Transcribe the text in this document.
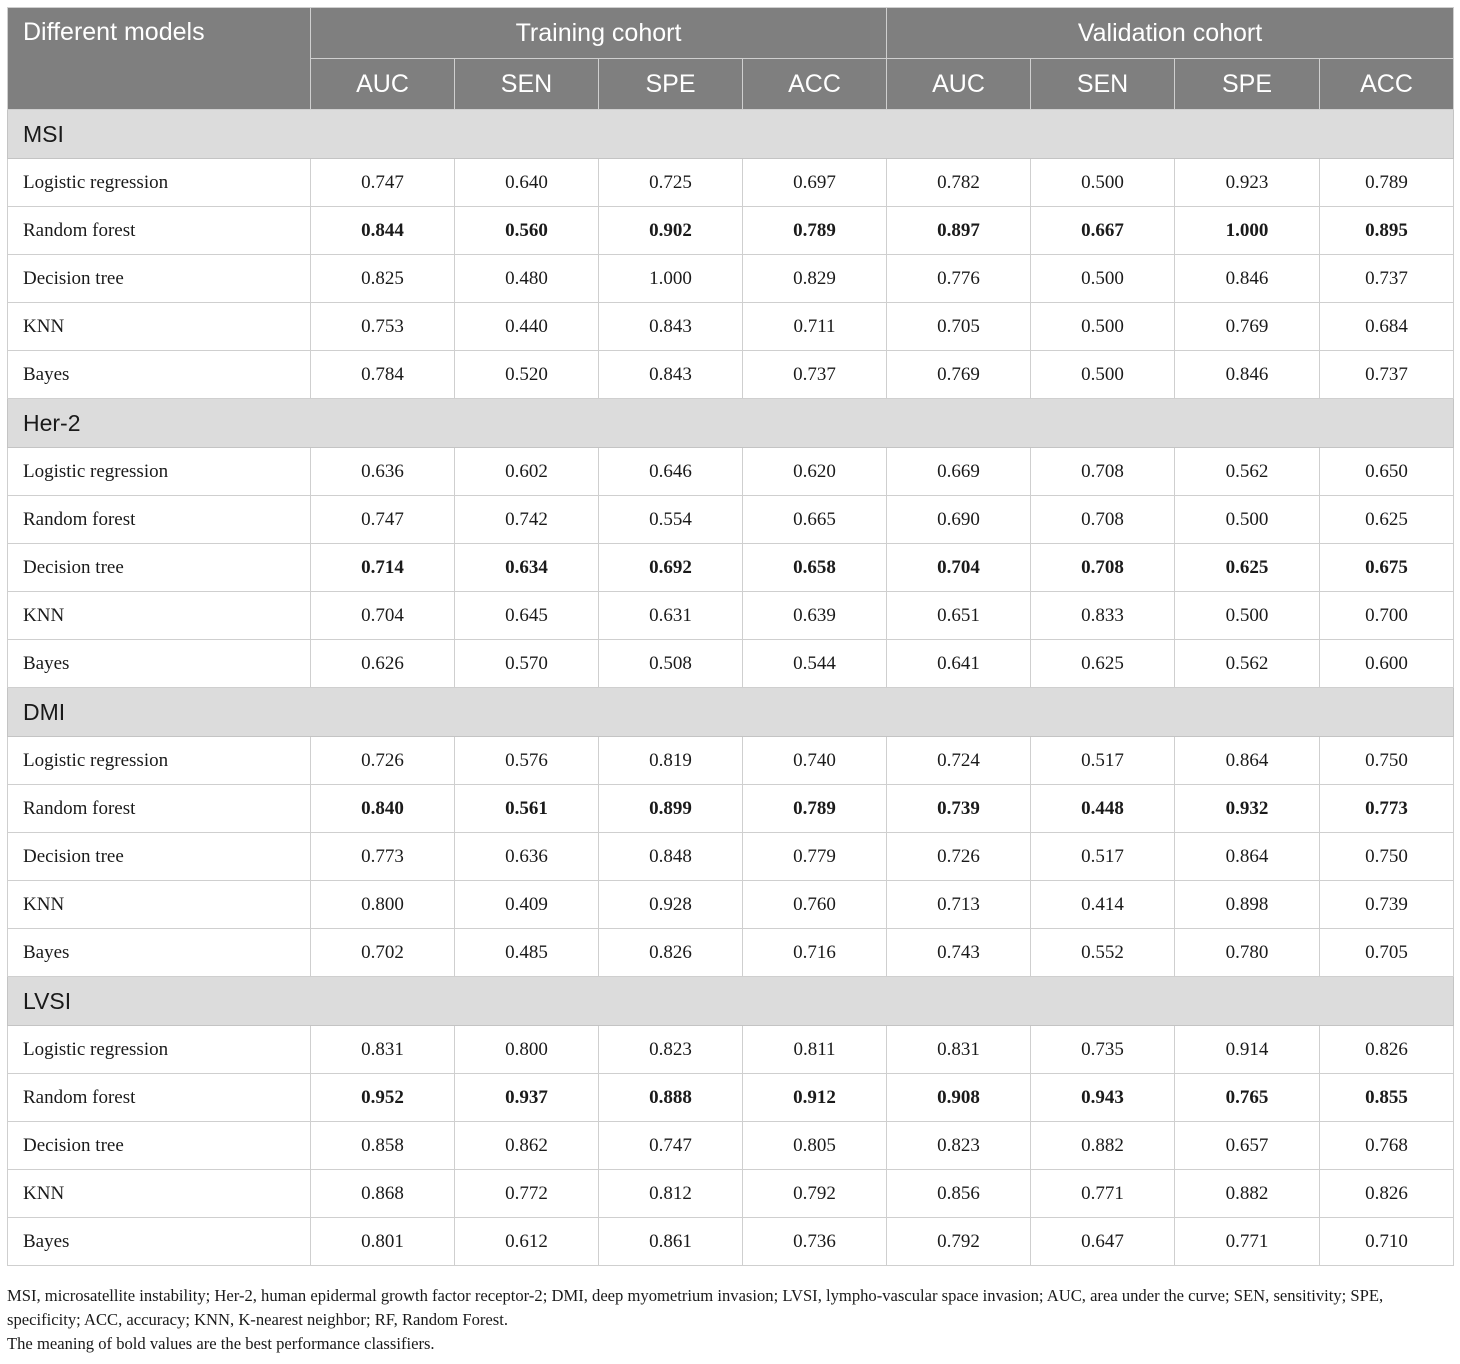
Different models	Training cohort				Validation cohort			
	AUC	SEN	SPE	ACC	AUC	SEN	SPE	ACC
MSI								
Logistic regression	0.747	0.640	0.725	0.697	0.782	0.500	0.923	0.789
Random forest	0.844	0.560	0.902	0.789	0.897	0.667	1.000	0.895
Decision tree	0.825	0.480	1.000	0.829	0.776	0.500	0.846	0.737
KNN	0.753	0.440	0.843	0.711	0.705	0.500	0.769	0.684
Bayes	0.784	0.520	0.843	0.737	0.769	0.500	0.846	0.737
Her-2								
Logistic regression	0.636	0.602	0.646	0.620	0.669	0.708	0.562	0.650
Random forest	0.747	0.742	0.554	0.665	0.690	0.708	0.500	0.625
Decision tree	0.714	0.634	0.692	0.658	0.704	0.708	0.625	0.675
KNN	0.704	0.645	0.631	0.639	0.651	0.833	0.500	0.700
Bayes	0.626	0.570	0.508	0.544	0.641	0.625	0.562	0.600
DMI								
Logistic regression	0.726	0.576	0.819	0.740	0.724	0.517	0.864	0.750
Random forest	0.840	0.561	0.899	0.789	0.739	0.448	0.932	0.773
Decision tree	0.773	0.636	0.848	0.779	0.726	0.517	0.864	0.750
KNN	0.800	0.409	0.928	0.760	0.713	0.414	0.898	0.739
Bayes	0.702	0.485	0.826	0.716	0.743	0.552	0.780	0.705
LVSI								
Logistic regression	0.831	0.800	0.823	0.811	0.831	0.735	0.914	0.826
Random forest	0.952	0.937	0.888	0.912	0.908	0.943	0.765	0.855
Decision tree	0.858	0.862	0.747	0.805	0.823	0.882	0.657	0.768
KNN	0.868	0.772	0.812	0.792	0.856	0.771	0.882	0.826
Bayes	0.801	0.612	0.861	0.736	0.792	0.647	0.771	0.710

MSI, microsatellite instability; Her-2, human epidermal growth factor receptor-2; DMI, deep myometrium invasion; LVSI, lympho-vascular space invasion; AUC, area under the curve; SEN, sensitivity; SPE, specificity; ACC, accuracy; KNN, K-nearest neighbor; RF, Random Forest.

The meaning of bold values are the best performance classifiers.
